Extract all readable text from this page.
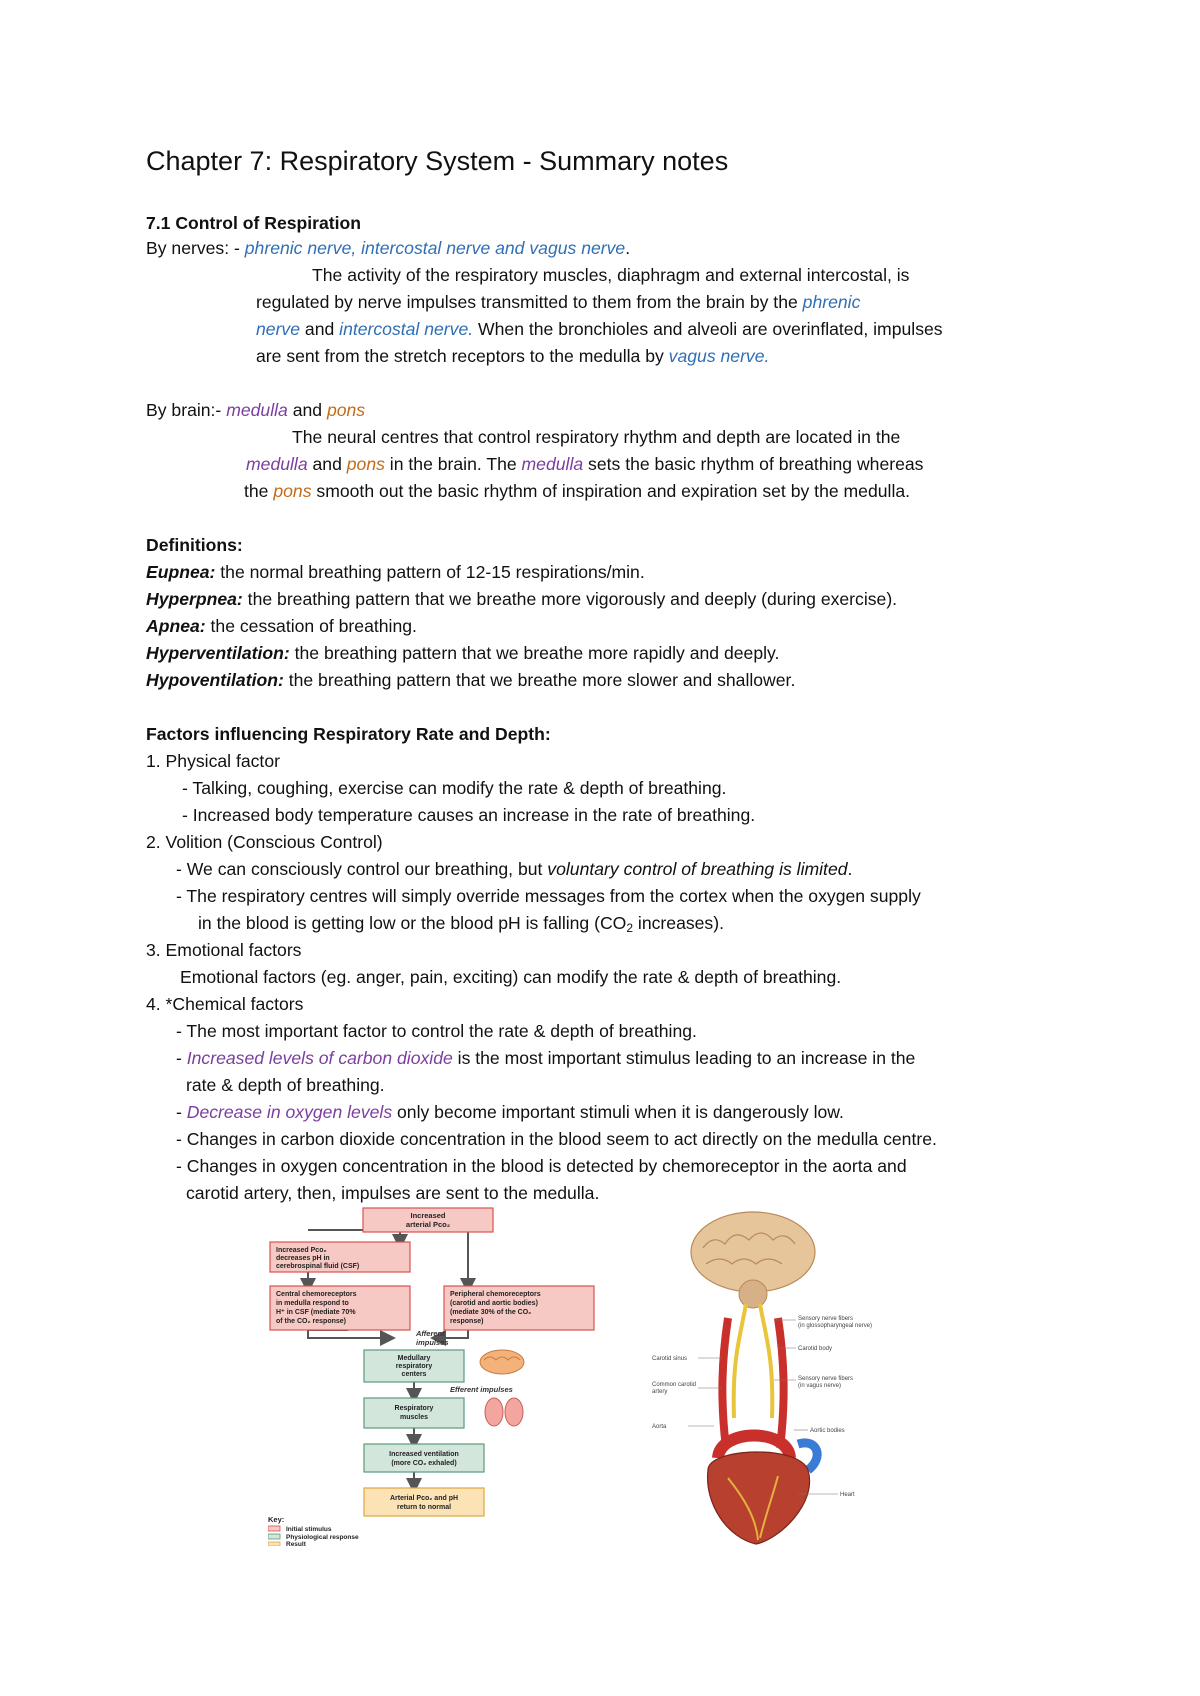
Chapter 7: Respiratory System - Summary notes
7.1 Control of Respiration
By nerves: - phrenic nerve, intercostal nerve and vagus nerve.
The activity of the respiratory muscles, diaphragm and external intercostal, is
regulated by nerve impulses transmitted to them from the brain by the phrenic
nerve and intercostal nerve. When the bronchioles and alveoli are overinflated, impulses
are sent from the stretch receptors to the medulla by vagus nerve.
By brain:- medulla and pons
The neural centres that control respiratory rhythm and depth are located in the
medulla and pons in the brain. The medulla sets the basic rhythm of breathing whereas
the pons smooth out the basic rhythm of inspiration and expiration set by the medulla.
Definitions:
Eupnea: the normal breathing pattern of 12-15 respirations/min.
Hyperpnea: the breathing pattern that we breathe more vigorously and deeply (during exercise).
Apnea: the cessation of breathing.
Hyperventilation: the breathing pattern that we breathe more rapidly and deeply.
Hypoventilation: the breathing pattern that we breathe more slower and shallower.
Factors influencing Respiratory Rate and Depth:
1. Physical factor
- Talking, coughing, exercise can modify the rate & depth of breathing.
- Increased body temperature causes an increase in the rate of breathing.
2. Volition (Conscious Control)
- We can consciously control our breathing, but voluntary control of breathing is limited.
- The respiratory centres will simply override messages from the cortex when the oxygen supply
in the blood is getting low or the blood pH is falling ($CO_2$ increases).
3. Emotional factors
Emotional factors (eg. anger, pain, exciting) can modify the rate & depth of breathing.
4. *Chemical factors
- The most important factor to control the rate & depth of breathing.
- Increased levels of carbon dioxide is the most important stimulus leading to an increase in the
rate & depth of breathing.
- Decrease in oxygen levels only become important stimuli when it is dangerously low.
- Changes in carbon dioxide concentration in the blood seem to act directly on the medulla centre.
- Changes in oxygen concentration in the blood is detected by chemoreceptor in the aorta and
carotid artery, then, impulses are sent to the medulla.
Increased
arterial Pco₂
Increased Pco₂
decreases pH in
cerebrospinal fluid (CSF)
Central chemoreceptors
in medulla respond to
H⁺ in CSF (mediate 70%
of the CO₂ response)
Peripheral chemoreceptors
(carotid and aortic bodies)
(mediate 30% of the CO₂
response)
Afferent
impulses
Medullary
respiratory
centers
Efferent impulses
Respiratory
muscles
Increased ventilation
(more CO₂ exhaled)
Arterial Pco₂ and pH
return to normal
Key:
Initial stimulus
Physiological response
Result
Sensory nerve fibers
(in glossopharyngeal nerve)
Carotid body
Sensory nerve fibers
(in vagus nerve)
Aortic bodies
Heart
Carotid sinus
Common carotid
artery
Aorta
